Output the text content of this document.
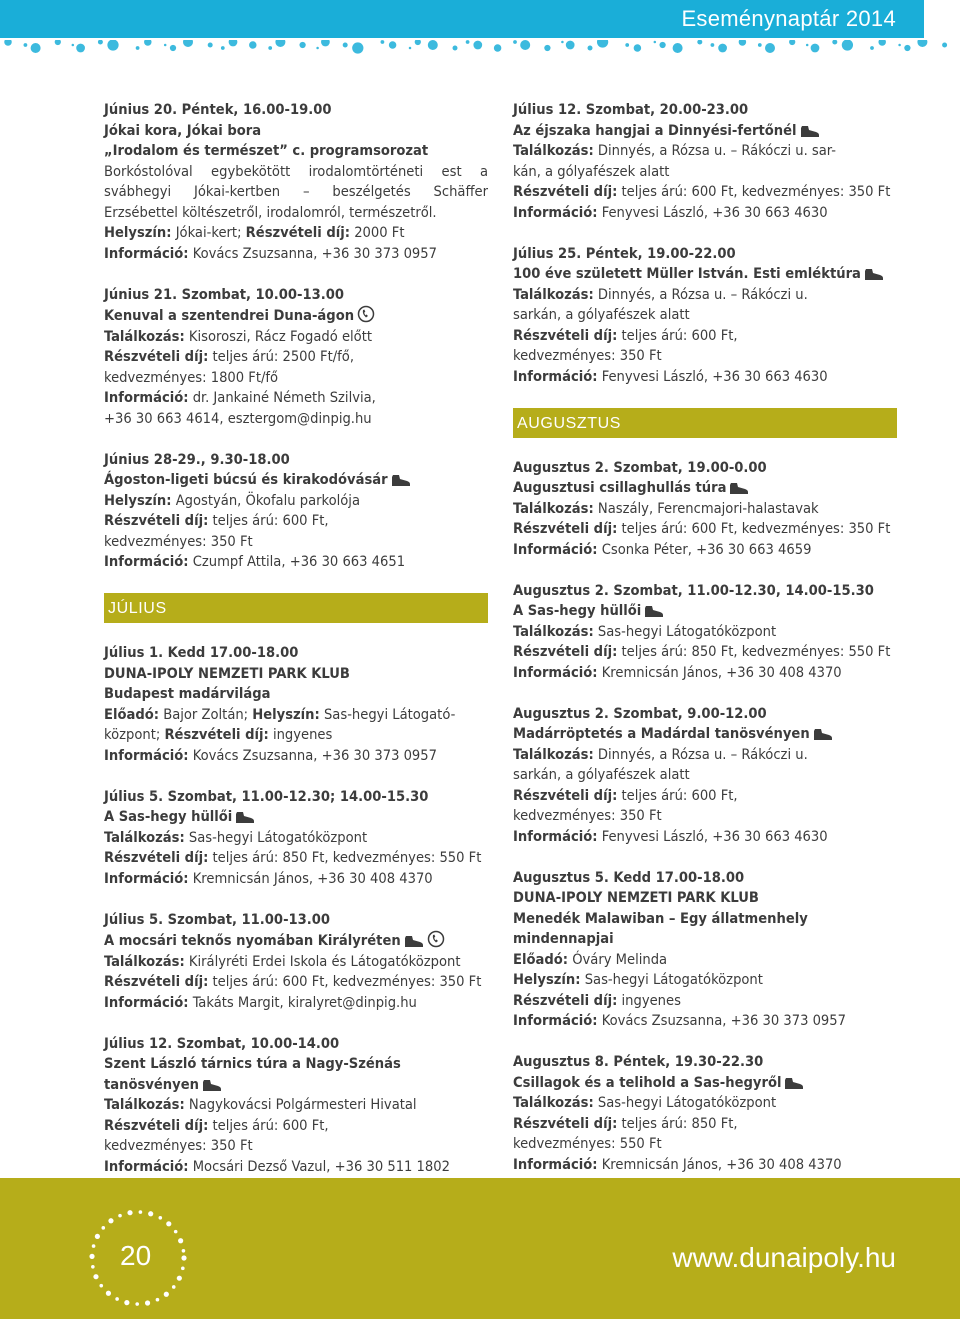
Eseménynaptár 2014
Június 20. Péntek, 16.00-19.00
Jókai kora, Jókai bora
„Irodalom és természet” c. programsorozat
Borkóstolóval egybekötött irodalomtörténeti est a svábhegyi Jókai-kertben – beszélgetés Schäffer Erzsébettel költészetről, irodalomról, természetről.
Helyszín: Jókai-kert; Részvételi díj: 2000 Ft
Információ: Kovács Zsuzsanna, +36 30 373 0957
Június 21. Szombat, 10.00-13.00
Kenuval a szentendrei Duna-ágon
Találkozás: Kisoroszi, Rácz Fogadó előtt
Részvételi díj: teljes árú: 2500 Ft/fő,
kedvezményes: 1800 Ft/fő
Információ: dr. Jankainé Németh Szilvia,
+36 30 663 4614, esztergom@dinpig.hu
Június 28-29., 9.30-18.00
Ágoston-ligeti búcsú és kirakodóvásár
Helyszín: Agostyán, Ökofalu parkolója
Részvételi díj: teljes árú: 600 Ft,
kedvezményes: 350 Ft
Információ: Czumpf Attila, +36 30 663 4651
JÚLIUS
Július 1. Kedd 17.00-18.00
DUNA-IPOLY NEMZETI PARK KLUB
Budapest madárvilága
Előadó: Bajor Zoltán; Helyszín: Sas-hegyi Látogató-
központ; Részvételi díj: ingyenes
Információ: Kovács Zsuzsanna, +36 30 373 0957
Július 5. Szombat, 11.00-12.30; 14.00-15.30
A Sas-hegy hüllői
Találkozás: Sas-hegyi Látogatóközpont
Részvételi díj: teljes árú: 850 Ft, kedvezményes: 550 Ft
Információ: Kremnicsán János, +36 30 408 4370
Július 5. Szombat, 11.00-13.00
A mocsári teknős nyomában Királyréten
Találkozás: Királyréti Erdei Iskola és Látogatóközpont
Részvételi díj: teljes árú: 600 Ft, kedvezményes: 350 Ft
Információ: Takáts Margit, kiralyret@dinpig.hu
Július 12. Szombat, 10.00-14.00
Szent László tárnics túra a Nagy-Szénás
tanösvényen
Találkozás: Nagykovácsi Polgármesteri Hivatal
Részvételi díj: teljes árú: 600 Ft,
kedvezményes: 350 Ft
Információ: Mocsári Dezső Vazul, +36 30 511 1802
Július 12. Szombat, 20.00-23.00
Az éjszaka hangjai a Dinnyési-fertőnél
Találkozás: Dinnyés, a Rózsa u. – Rákóczi u. sar-
kán, a gólyafészek alatt
Részvételi díj: teljes árú: 600 Ft, kedvezményes: 350 Ft
Információ: Fenyvesi László, +36 30 663 4630
Július 25. Péntek, 19.00-22.00
100 éve született Müller István. Esti emléktúra
Találkozás: Dinnyés, a Rózsa u. – Rákóczi u.
sarkán, a gólyafészek alatt
Részvételi díj: teljes árú: 600 Ft,
kedvezményes: 350 Ft
Információ: Fenyvesi László, +36 30 663 4630
AUGUSZTUS
Augusztus 2. Szombat, 19.00-0.00
Augusztusi csillaghullás túra
Találkozás: Naszály, Ferencmajori-halastavak
Részvételi díj: teljes árú: 600 Ft, kedvezményes: 350 Ft
Információ: Csonka Péter, +36 30 663 4659
Augusztus 2. Szombat, 11.00-12.30, 14.00-15.30
A Sas-hegy hüllői
Találkozás: Sas-hegyi Látogatóközpont
Részvételi díj: teljes árú: 850 Ft, kedvezményes: 550 Ft
Információ: Kremnicsán János, +36 30 408 4370
Augusztus 2. Szombat, 9.00-12.00
Madárröptetés a Madárdal tanösvényen
Találkozás: Dinnyés, a Rózsa u. – Rákóczi u.
sarkán, a gólyafészek alatt
Részvételi díj: teljes árú: 600 Ft,
kedvezményes: 350 Ft
Információ: Fenyvesi László, +36 30 663 4630
Augusztus 5. Kedd 17.00-18.00
DUNA-IPOLY NEMZETI PARK KLUB
Menedék Malawiban – Egy állatmenhely
mindennapjai
Előadó: Óváry Melinda
Helyszín: Sas-hegyi Látogatóközpont
Részvételi díj: ingyenes
Információ: Kovács Zsuzsanna, +36 30 373 0957
Augusztus 8. Péntek, 19.30-22.30
Csillagok és a telihold a Sas-hegyről
Találkozás: Sas-hegyi Látogatóközpont
Részvételi díj: teljes árú: 850 Ft,
kedvezményes: 550 Ft
Információ: Kremnicsán János, +36 30 408 4370
20	www.dunaipoly.hu
